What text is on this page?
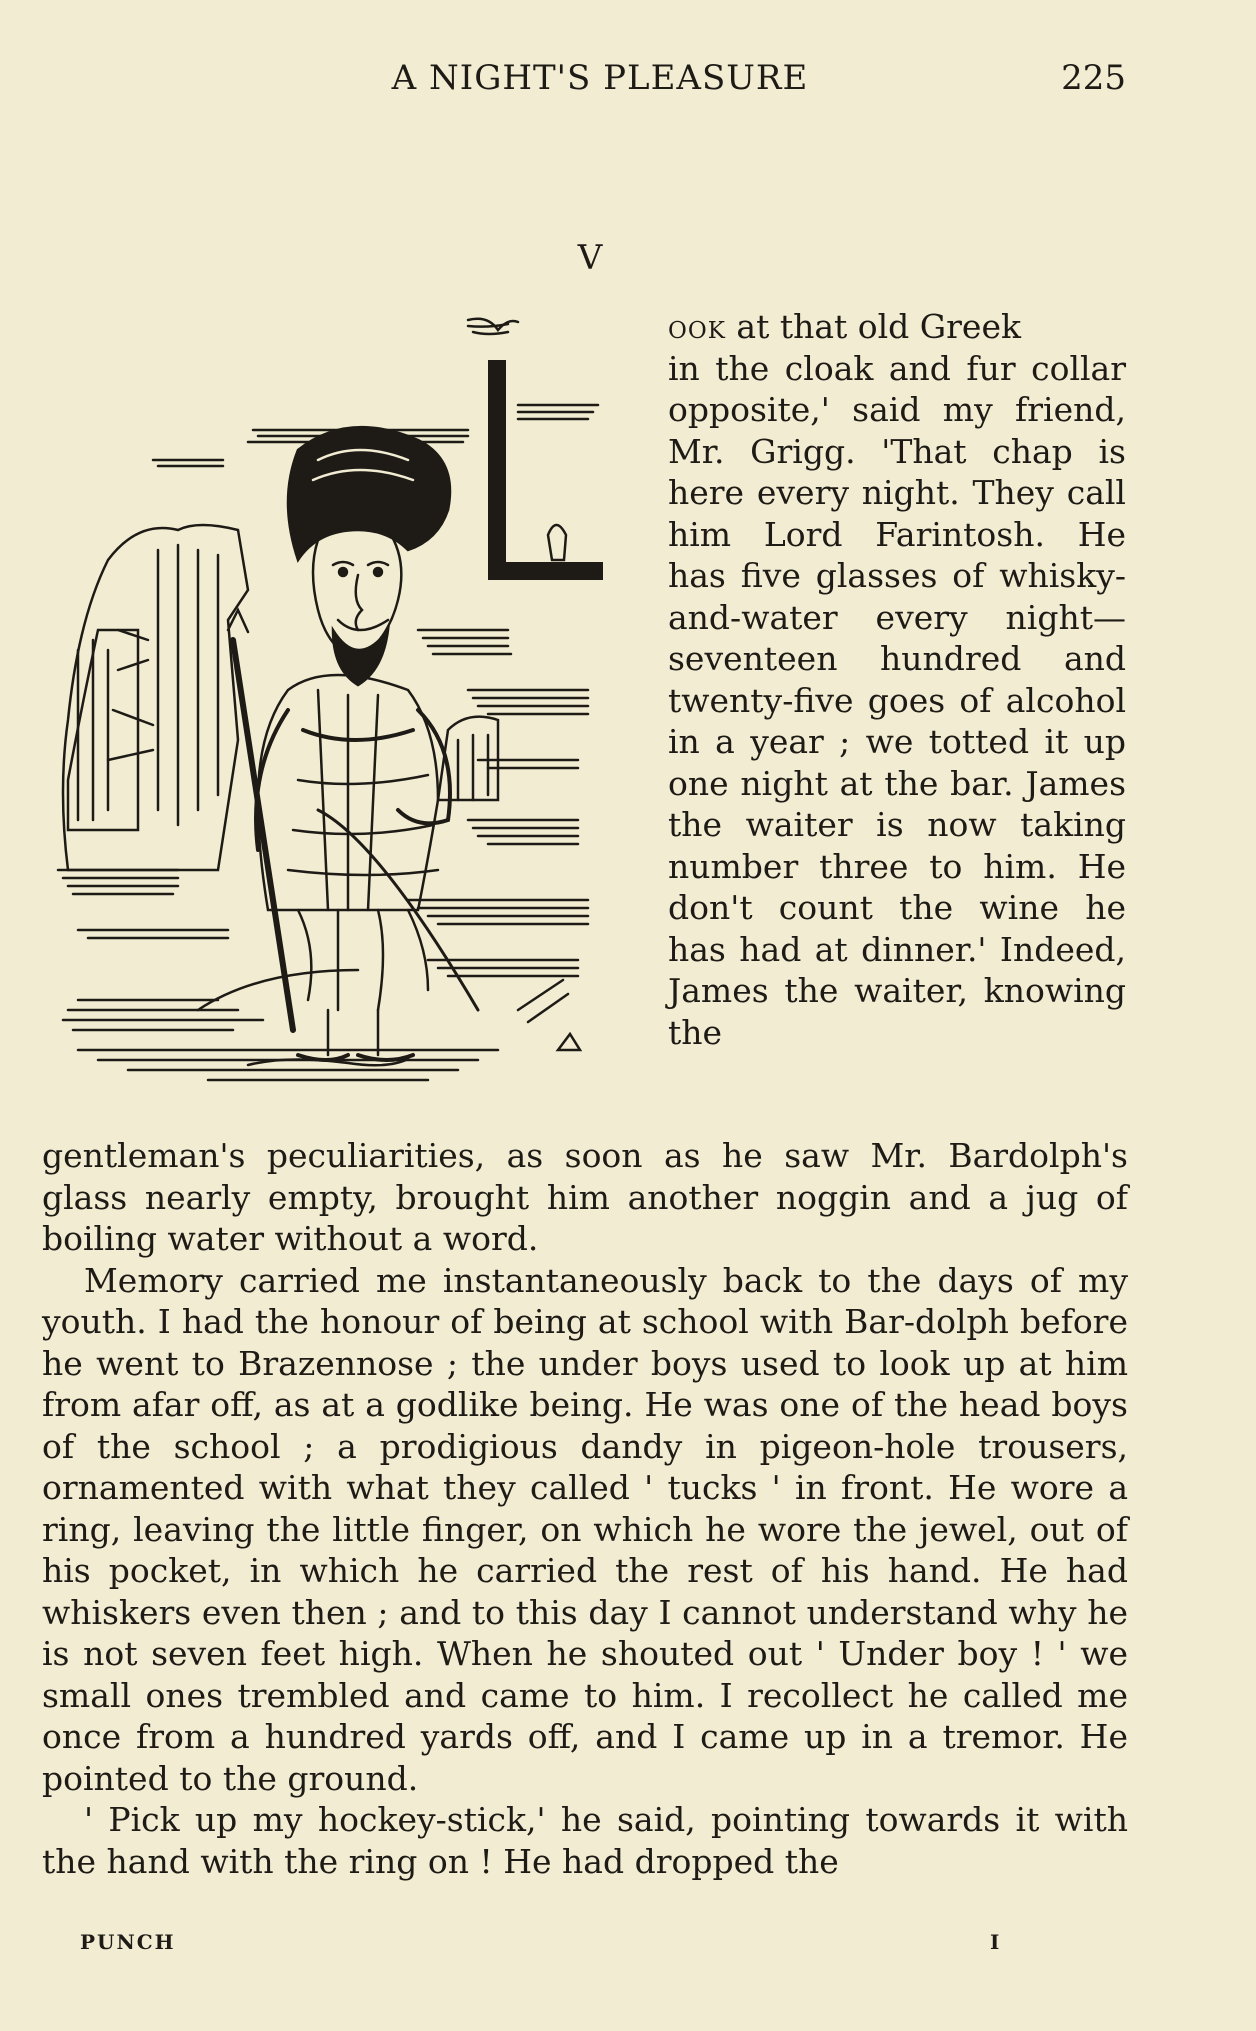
A NIGHT'S PLEASURE	225
V
ook at that old Greek
in the cloak and fur collar opposite,' said my friend, Mr. Grigg. 'That chap is here every night. They call him Lord Farintosh. He has five glasses of whisky-and-water every night— seventeen hundred and twenty-five goes of alcohol in a year ; we totted it up one night at the bar. James the waiter is now taking number three to him. He don't count the wine he has had at dinner.' Indeed, James the waiter, knowing the

gentleman's peculiarities, as soon as he saw Mr. Bardolph's glass nearly empty, brought him another noggin and a jug of boiling water without a word.

Memory carried me instantaneously back to the days of my youth. I had the honour of being at school with Bar-dolph before he went to Brazennose ; the under boys used to look up at him from afar off, as at a godlike being. He was one of the head boys of the school ; a prodigious dandy in pigeon-hole trousers, ornamented with what they called ' tucks ' in front. He wore a ring, leaving the little finger, on which he wore the jewel, out of his pocket, in which he carried the rest of his hand. He had whiskers even then ; and to this day I cannot understand why he is not seven feet high. When he shouted out ' Under boy ! ' we small ones trembled and came to him. I recollect he called me once from a hundred yards off, and I came up in a tremor. He pointed to the ground.

' Pick up my hockey-stick,' he said, pointing towards it with the hand with the ring on ! He had dropped the

PUNCH	I
